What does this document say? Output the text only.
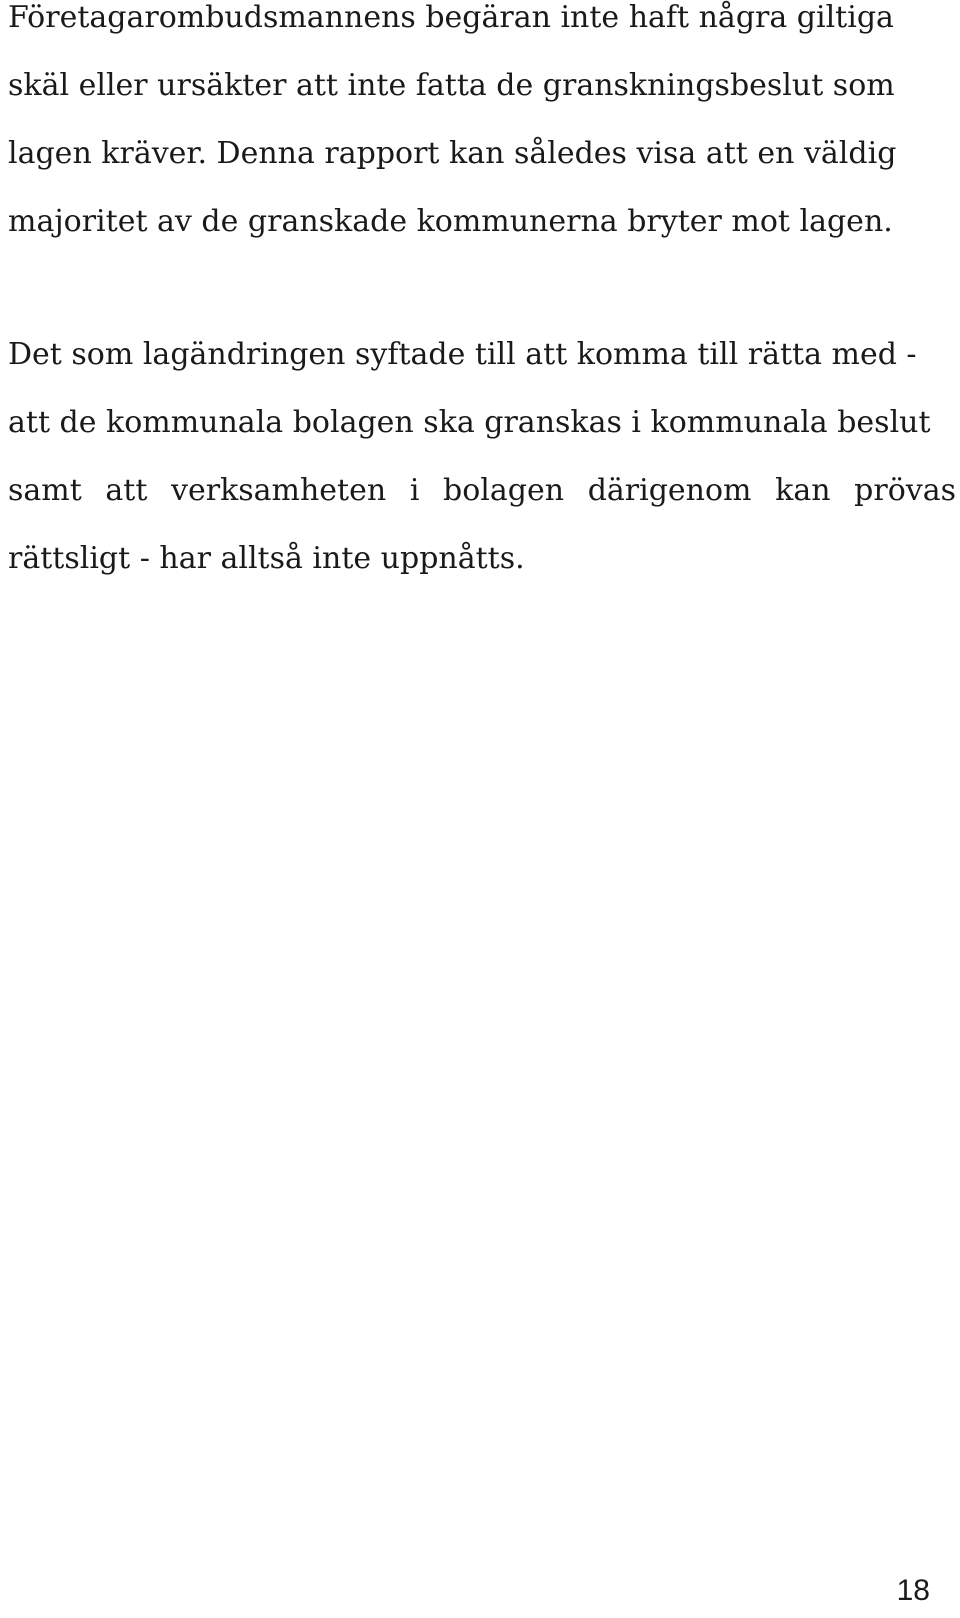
Företagarombudsmannens begäran inte haft några giltiga
skäl eller ursäkter att inte fatta de granskningsbeslut som
lagen kräver. Denna rapport kan således visa att en väldig
majoritet av de granskade kommunerna bryter mot lagen.

Det som lagändringen syftade till att komma till rätta med -
att de kommunala bolagen ska granskas i kommunala beslut
samt att verksamheten i bolagen därigenom kan prövas
rättsligt - har alltså inte uppnåtts.

18
